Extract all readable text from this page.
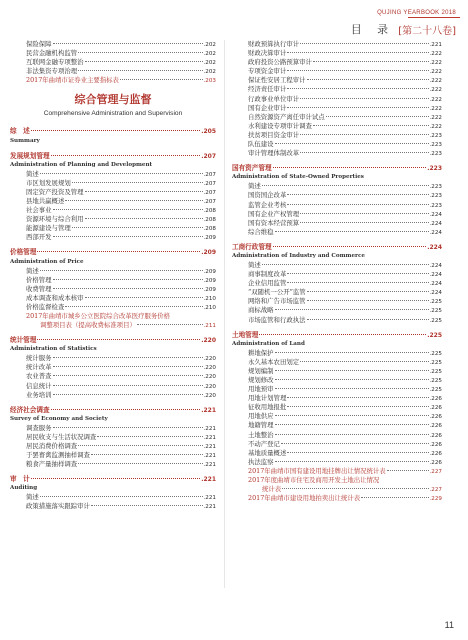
QUJING YEARBOOK 2018
目 录 [第二十八卷]
保险保障	.202
民营金融机构监管	.202
互联网金融专项整治	.202
非法集资专项治理	.202
2017年曲靖市证券业主要指标表	.203
综合管理与监督
Comprehensive Administration and Supervision
综　述	.205
Summary
发展规划管理	.207
Administration of Planning and Development
简述	.207
市区划发展规划	.207
固定资产投资及管理	.207
县地共赢概述	.207
社会事业	.208
资源环境与综合利用	.208
能源建设与管理	.208
西部开发	.209
价格管理	.209
Administration of Price
简述	.209
价格管理	.209
收费管理	.209
成本调查和成本核审	.210
价格监督检查	.210
2017年曲靖市城乡公立医院综合改革医疗服务价格
调整项目表（提高收费标准项目）	.211
统计管理	.220
Administration of Statistics
统计服务	.220
统计改革	.220
农业普查	.220
信息统计	.220
业务培训	.220
经济社会调查	.221
Survey of Economy and Society
调查服务	.221
居民收支与生活状况调查	.221
居民消费价格调查	.221
于罢畜禽监测抽样调查	.221
粮食产量抽样调查	.221
审　计	.221
Auditing
简述	.221
政策措施落实跟踪审计	.221
财政预算执行审计	.221
财政决算审计	.222
政府投资公路预算审计	.222
专项资金审计	.222
保证性安居工程审计	.222
经济责任审计	.222
行政事业单位审计	.222
国有企业审计	.222
自然资源资产离任审计试点	.222
水利建设专项审计调查	.222
扶贫项目资金审计	.223
队伍建设	.223
审计管理体制改革	.223
国有资产管理	.223
Administration of State-Owned Properties
简述	.223
国资国企改革	.223
监管企业考核	.223
国有企业产权管理	.224
国有资本经营预算	.224
综合维稳	.224
工商行政管理	.224
Administration of Industry and Commerce
简述	.224
商事制度改革	.224
企业信用监管	.224
“双随机一公开”监管	.224
网络和广告市场监管	.225
商标战略	.225
市场监管和行政执法	.225
土地管理	.225
Administration of Land
耕地保护	.225
永久基本农田划定	.225
规划编制	.225
规划修改	.225
用地预审	.225
用地计划管理	.226
征收用地报批	.226
用地供应	.226
地籍管理	.226
土地整治	.226
不动产登记	.226
基地质量概述	.226
执法监察	.226
2017年曲靖市国有建设用地挂牌出让情况统计表	.227
2017年度曲靖市住宅及商用开发土地出让情况
统计表	.227
2017年曲靖市建设用地拍卖出让统计表	.229
11
